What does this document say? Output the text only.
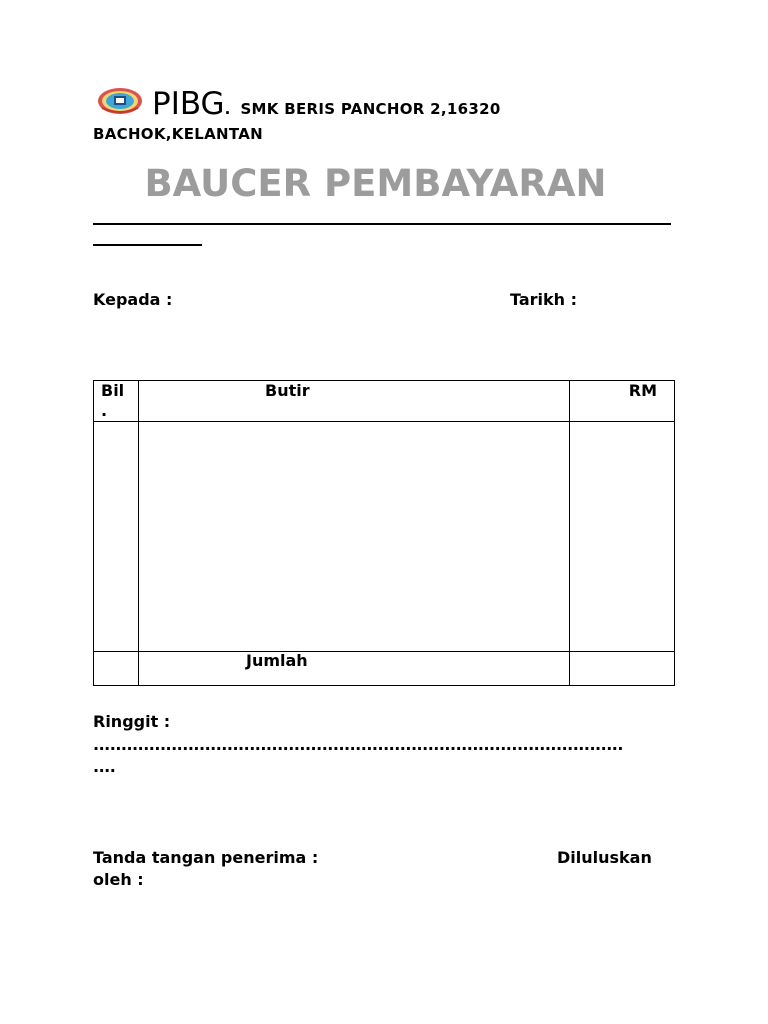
PIBG. SMK BERIS PANCHOR 2,16320
BACHOK,KELANTAN
BAUCER PEMBAYARAN
Kepada :	Tarikh :
Bil
.	Butir	RM

	Jumlah	

Ringgit :
...............................................................................................
....
Tanda tangan penerima :	Diluluskan
oleh :
